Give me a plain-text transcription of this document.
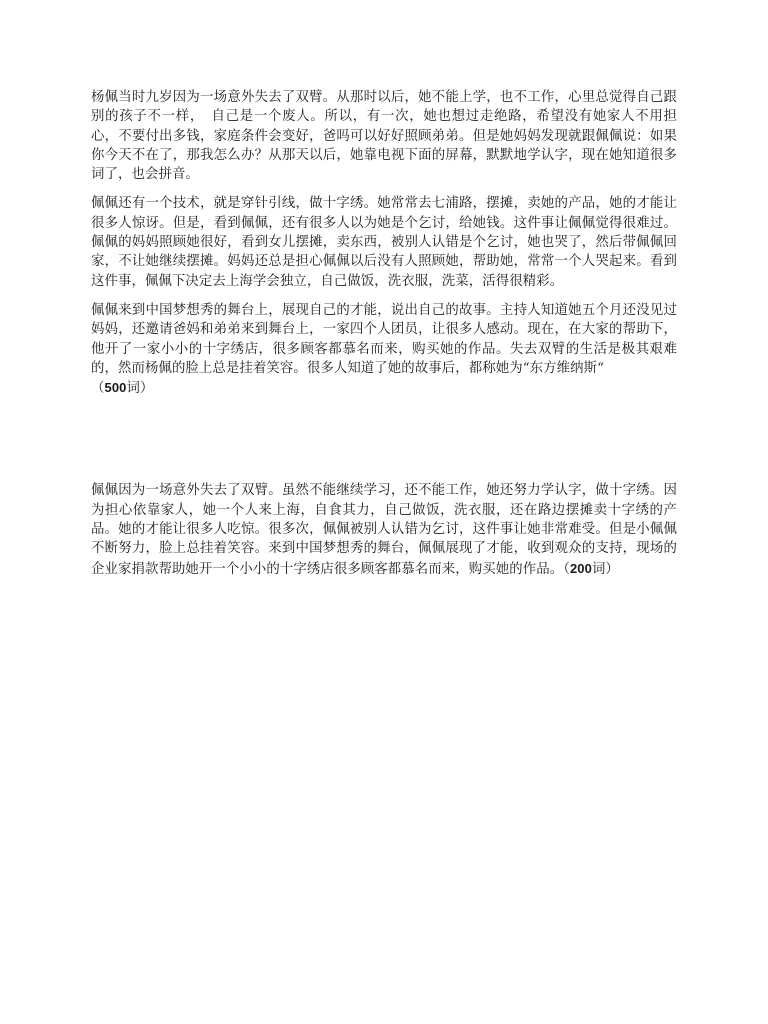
杨佩当时九岁因为一场意外失去了双臂。从那时以后，她不能上学，也不工作，心里总觉得自己跟别的孩子不一样，　自己是一个废人。所以，有一次，她也想过走绝路，希望没有她家人不用担心，不要付出多钱，家庭条件会变好，爸吗可以好好照顾弟弟。但是她妈妈发现就跟佩佩说：如果你今天不在了，那我怎么办？从那天以后，她靠电视下面的屏幕，默默地学认字，现在她知道很多词了，也会拼音。

佩佩还有一个技术，就是穿针引线，做十字绣。她常常去七浦路，摆摊，卖她的产品，她的才能让很多人惊讶。但是，看到佩佩，还有很多人以为她是个乞讨，给她钱。这件事让佩佩觉得很难过。佩佩的妈妈照顾她很好，看到女儿摆摊，卖东西，被别人认错是个乞讨，她也哭了，然后带佩佩回家，不让她继续摆摊。妈妈还总是担心佩佩以后没有人照顾她，帮助她，常常一个人哭起来。看到这件事，佩佩下决定去上海学会独立，自己做饭，洗衣服，洗菜，活得很精彩。

佩佩来到中国梦想秀的舞台上，展现自己的才能，说出自己的故事。主持人知道她五个月还没见过妈妈，还邀请爸妈和弟弟来到舞台上，一家四个人团员，让很多人感动。现在，在大家的帮助下，他开了一家小小的十字绣店，很多顾客都慕名而来，购买她的作品。失去双臂的生活是极其艰难的，然而杨佩的脸上总是挂着笑容。很多人知道了她的故事后，都称她为“东方维纳斯“
（500词）

佩佩因为一场意外失去了双臂。虽然不能继续学习，还不能工作，她还努力学认字，做十字绣。因为担心依靠家人，她一个人来上海，自食其力，自己做饭，洗衣服，还在路边摆摊卖十字绣的产品。她的才能让很多人吃惊。很多次，佩佩被别人认错为乞讨，这件事让她非常难受。但是小佩佩不断努力，脸上总挂着笑容。来到中国梦想秀的舞台，佩佩展现了才能，收到观众的支持，现场的企业家捐款帮助她开一个小小的十字绣店很多顾客都慕名而来，购买她的作品。（200词）
